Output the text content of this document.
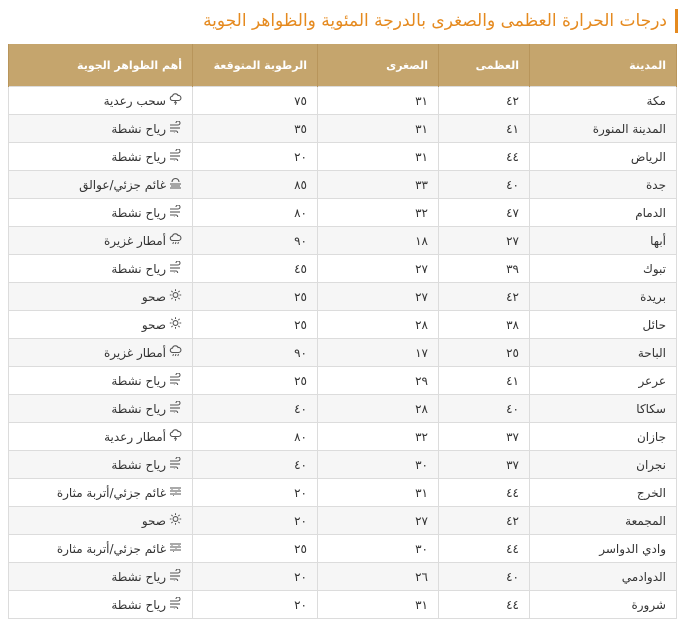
درجات الحرارة العظمى والصغرى بالدرجة المئوية والظواهر الجوية
المدينة	العظمى	الصغرى	الرطوبة المتوقعة	أهم الظواهر الجوية
مكة	٤٢	٣١	٧٥	سحب رعدية

المدينة المنورة	٤١	٣١	٣٥	رياح نشطة

الرياض	٤٤	٣١	٢٠	رياح نشطة

جدة	٤٠	٣٣	٨٥	غائم جزئي/عوالق

الدمام	٤٧	٣٢	٨٠	رياح نشطة

أبها	٢٧	١٨	٩٠	أمطار غزيرة

تبوك	٣٩	٢٧	٤٥	رياح نشطة

بريدة	٤٢	٢٧	٢٥	صحو

حائل	٣٨	٢٨	٢٥	صحو

الباحة	٢٥	١٧	٩٠	أمطار غزيرة

عرعر	٤١	٢٩	٢٥	رياح نشطة

سكاكا	٤٠	٢٨	٤٠	رياح نشطة

جازان	٣٧	٣٢	٨٠	أمطار رعدية

نجران	٣٧	٣٠	٤٠	رياح نشطة

الخرج	٤٤	٣١	٢٠	غائم جزئي/أتربة مثارة

المجمعة	٤٢	٢٧	٢٠	صحو

وادي الدواسر	٤٤	٣٠	٢٥	غائم جزئي/أتربة مثارة

الدوادمي	٤٠	٢٦	٢٠	رياح نشطة

شرورة	٤٤	٣١	٢٠	رياح نشطة
